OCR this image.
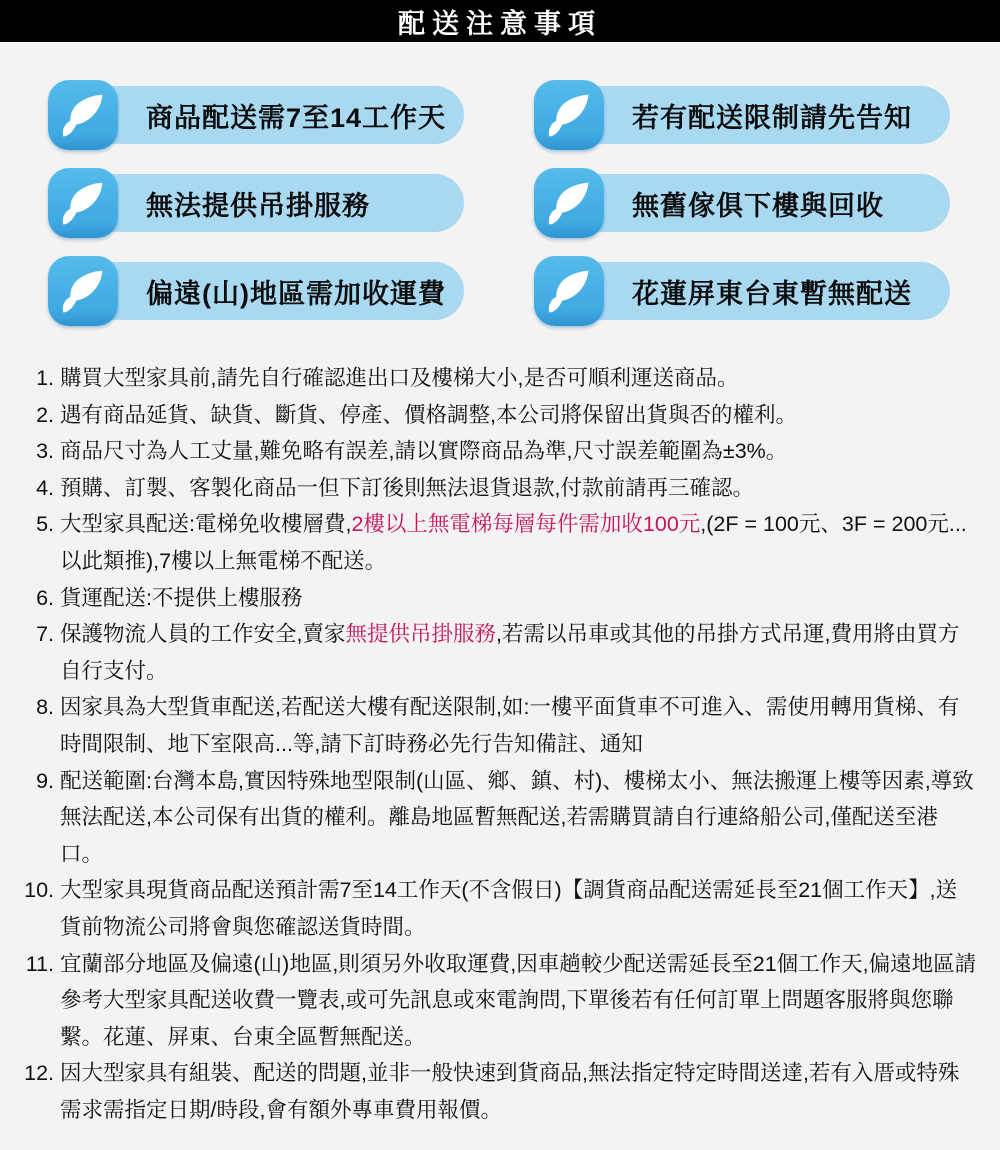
配送注意事項
商品配送需7至14工作天	若有配送限制請先告知
無法提供吊掛服務	無舊傢俱下樓與回收
偏遠(山)地區需加收運費	花蓮屏東台東暫無配送
1. 購買大型家具前,請先自行確認進出口及樓梯大小,是否可順利運送商品。
2. 遇有商品延貨、缺貨、斷貨、停產、價格調整,本公司將保留出貨與否的權利。
3. 商品尺寸為人工丈量,難免略有誤差,請以實際商品為準,尺寸誤差範圍為±3%。
4. 預購、訂製、客製化商品一但下訂後則無法退貨退款,付款前請再三確認。
5. 大型家具配送:電梯免收樓層費,2樓以上無電梯每層每件需加收100元,(2F = 100元、3F = 200元...以此類推),7樓以上無電梯不配送。
6. 貨運配送:不提供上樓服務
7. 保護物流人員的工作安全,賣家無提供吊掛服務,若需以吊車或其他的吊掛方式吊運,費用將由買方自行支付。
8. 因家具為大型貨車配送,若配送大樓有配送限制,如:一樓平面貨車不可進入、需使用轉用貨梯、有時間限制、地下室限高...等,請下訂時務必先行告知備註、通知
9. 配送範圍:台灣本島,實因特殊地型限制(山區、鄉、鎮、村)、樓梯太小、無法搬運上樓等因素,導致無法配送,本公司保有出貨的權利。離島地區暫無配送,若需購買請自行連絡船公司,僅配送至港口。
10. 大型家具現貨商品配送預計需7至14工作天(不含假日)【調貨商品配送需延長至21個工作天】,送貨前物流公司將會與您確認送貨時間。
11. 宜蘭部分地區及偏遠(山)地區,則須另外收取運費,因車趟較少配送需延長至21個工作天,偏遠地區請參考大型家具配送收費一覽表,或可先訊息或來電詢問,下單後若有任何訂單上問題客服將與您聯繫。花蓮、屏東、台東全區暫無配送。
12. 因大型家具有組裝、配送的問題,並非一般快速到貨商品,無法指定特定時間送達,若有入厝或特殊需求需指定日期/時段,會有額外專車費用報價。
